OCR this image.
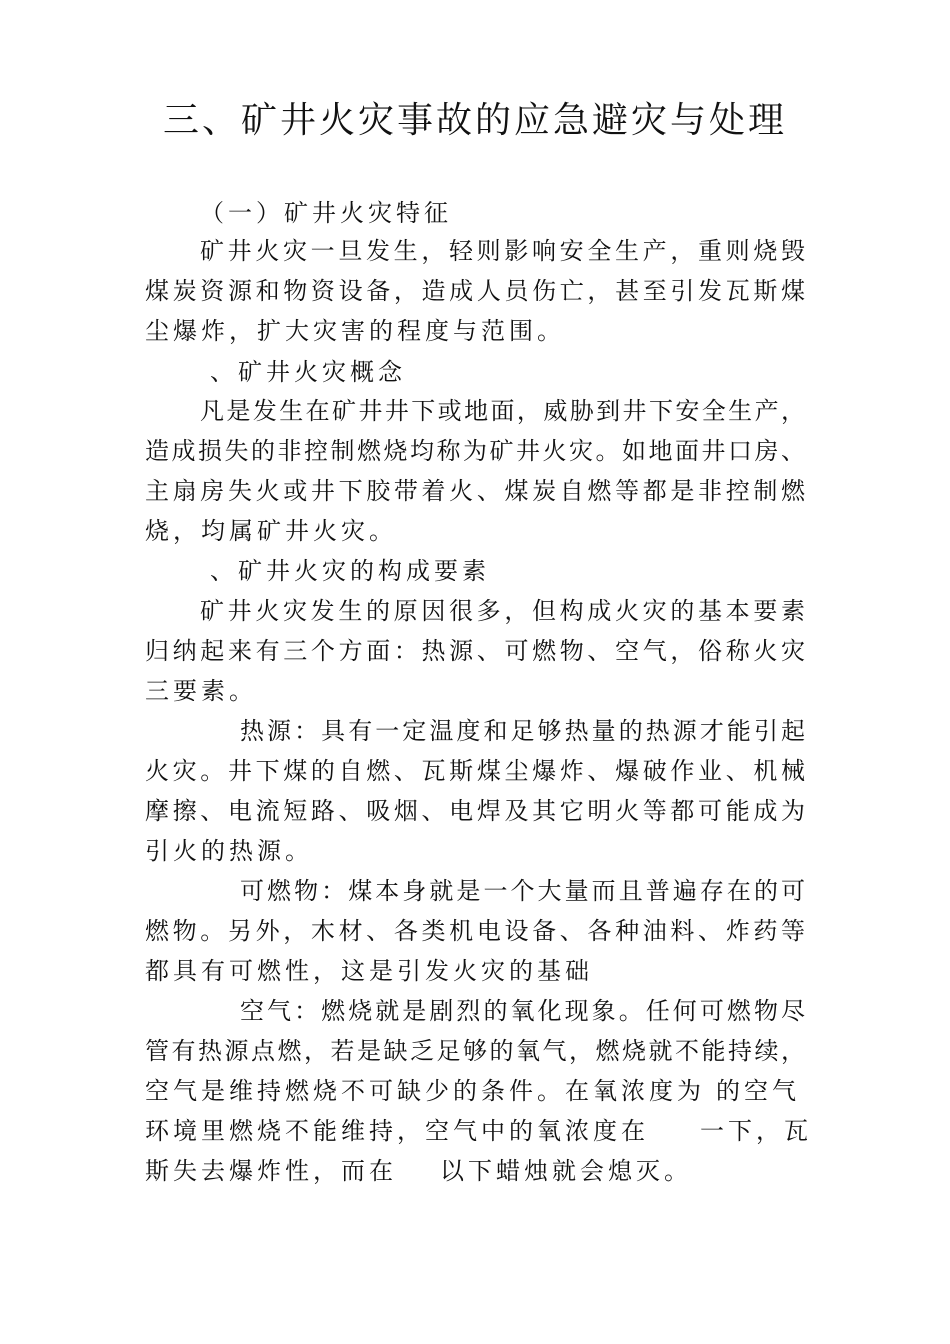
三、矿井火灾事故的应急避灾与处理
（一）矿井火灾特征
矿井火灾一旦发生，轻则影响安全生产，重则烧毁
煤炭资源和物资设备，造成人员伤亡，甚至引发瓦斯煤
尘爆炸，扩大灾害的程度与范围。
、矿井火灾概念
凡是发生在矿井井下或地面，威胁到井下安全生产，
造成损失的非控制燃烧均称为矿井火灾。如地面井口房、
主扇房失火或井下胶带着火、煤炭自燃等都是非控制燃
烧，均属矿井火灾。
、矿井火灾的构成要素
矿井火灾发生的原因很多，但构成火灾的基本要素
归纳起来有三个方面：热源、可燃物、空气，俗称火灾
三要素。
热源：具有一定温度和足够热量的热源才能引起
火灾。井下煤的自燃、瓦斯煤尘爆炸、爆破作业、机械
摩擦、电流短路、吸烟、电焊及其它明火等都可能成为
引火的热源。
可燃物：煤本身就是一个大量而且普遍存在的可
燃物。另外，木材、各类机电设备、各种油料、炸药等
都具有可燃性，这是引发火灾的基础
空气：燃烧就是剧烈的氧化现象。任何可燃物尽
管有热源点燃，若是缺乏足够的氧气，燃烧就不能持续，
空气是维持燃烧不可缺少的条件。在氧浓度为 的空气
环境里燃烧不能维持，空气中的氧浓度在 一下，瓦
斯失去爆炸性，而在 以下蜡烛就会熄灭。
